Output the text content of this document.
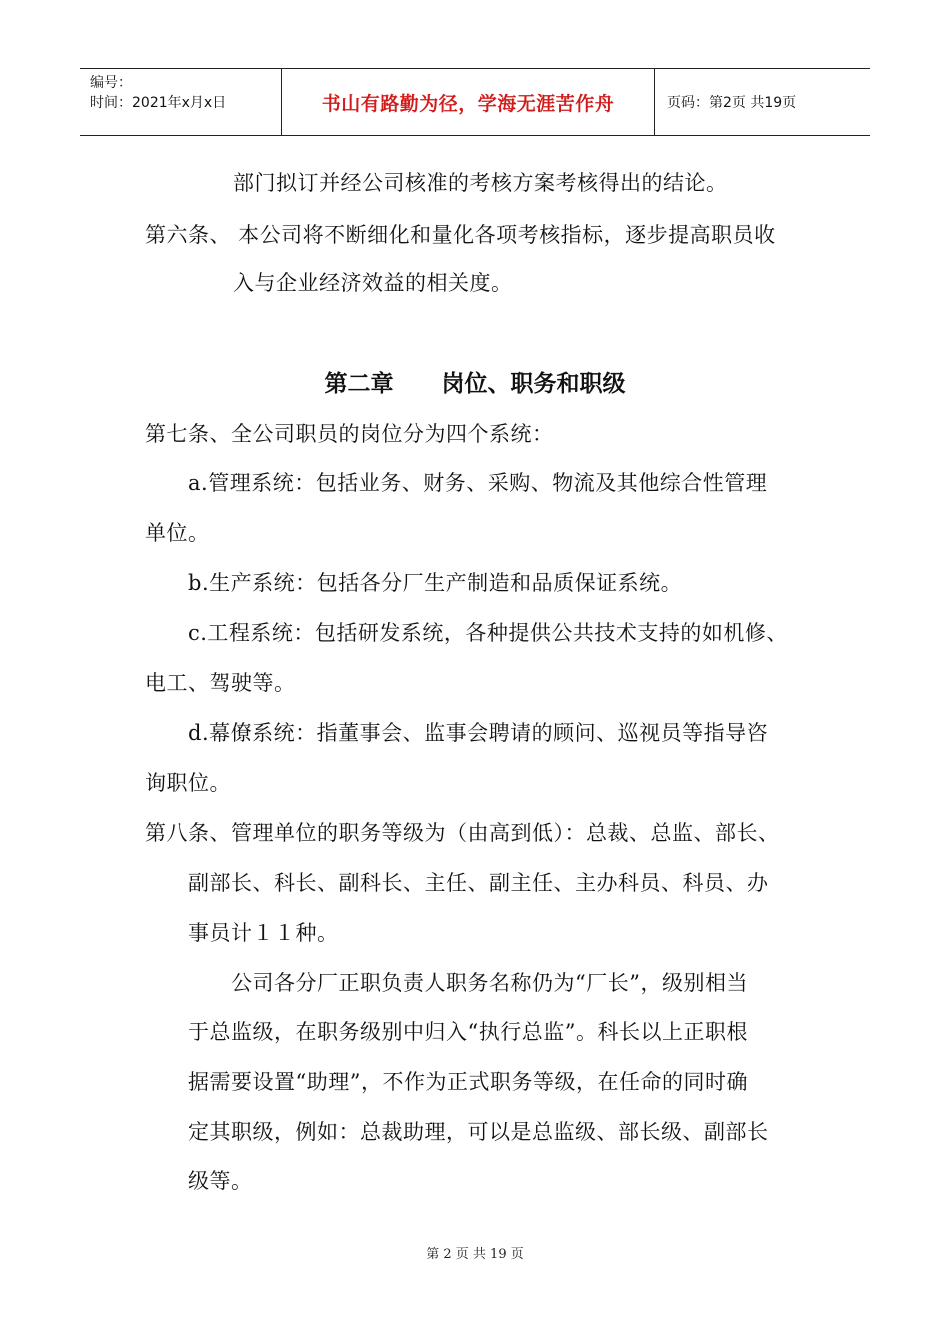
编号：
时间：2021年x月x日	书山有路勤为径，学海无涯苦作舟	页码：第2页 共19页
部门拟订并经公司核准的考核方案考核得出的结论。
第六条、 本公司将不断细化和量化各项考核指标，逐步提高职员收
入与企业经济效益的相关度。
第二章      岗位、职务和职级
第七条、全公司职员的岗位分为四个系统：
a.管理系统：包括业务、财务、采购、物流及其他综合性管理
单位。
b.生产系统：包括各分厂生产制造和品质保证系统。
c.工程系统：包括研发系统，各种提供公共技术支持的如机修、
电工、驾驶等。
d.幕僚系统：指董事会、监事会聘请的顾问、巡视员等指导咨
询职位。
第八条、管理单位的职务等级为（由高到低）：总裁、总监、部长、
副部长、科长、副科长、主任、副主任、主办科员、科员、办
事员计１１种。
公司各分厂正职负责人职务名称仍为“厂长”，级别相当
于总监级，在职务级别中归入“执行总监”。科长以上正职根
据需要设置“助理”，不作为正式职务等级，在任命的同时确
定其职级，例如：总裁助理，可以是总监级、部长级、副部长
级等。
第 2 页 共 19 页
